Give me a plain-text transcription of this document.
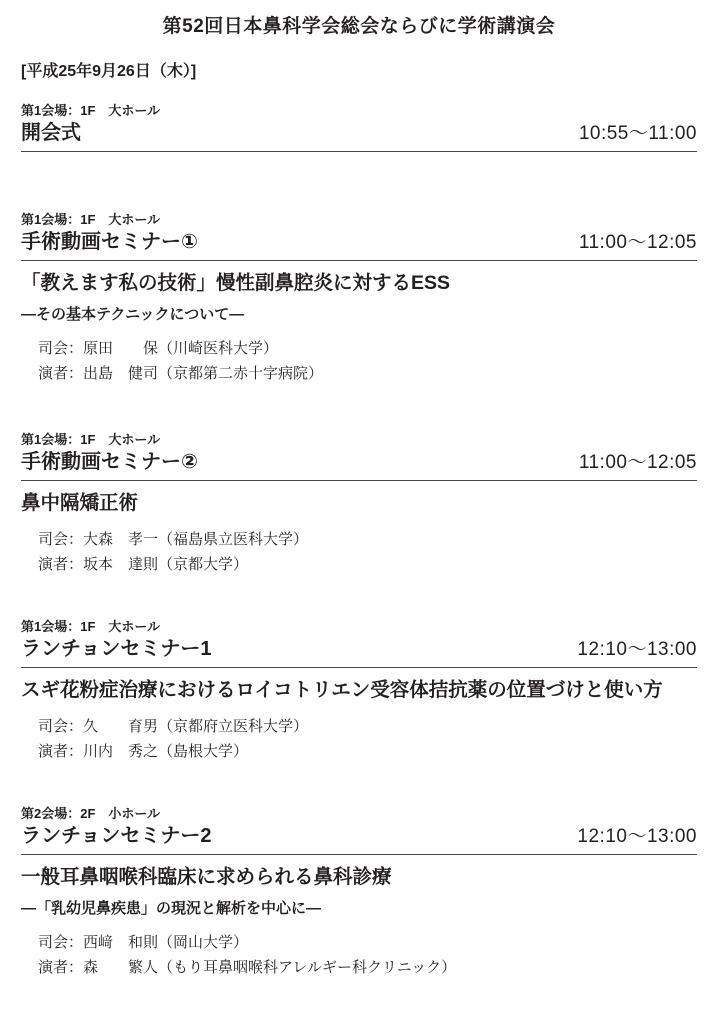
第52回日本鼻科学会総会ならびに学術講演会
[平成25年9月26日（木）]
第1会場：1F　大ホール
開会式	10:55～11:00
第1会場：1F　大ホール
手術動画セミナー①	11:00～12:05
「教えます私の技術」慢性副鼻腔炎に対するESS
―その基本テクニックについて―
司会：原田　　保（川崎医科大学）
演者：出島　健司（京都第二赤十字病院）
第1会場：1F　大ホール
手術動画セミナー②	11:00～12:05
鼻中隔矯正術
司会：大森　孝一（福島県立医科大学）
演者：坂本　達則（京都大学）
第1会場：1F　大ホール
ランチョンセミナー1	12:10～13:00
スギ花粉症治療におけるロイコトリエン受容体拮抗薬の位置づけと使い方
司会：久　　育男（京都府立医科大学）
演者：川内　秀之（島根大学）
第2会場：2F　小ホール
ランチョンセミナー2	12:10～13:00
一般耳鼻咽喉科臨床に求められる鼻科診療
―「乳幼児鼻疾患」の現況と解析を中心に―
司会：西﨑　和則（岡山大学）
演者：森　　繁人（もり耳鼻咽喉科アレルギー科クリニック）
